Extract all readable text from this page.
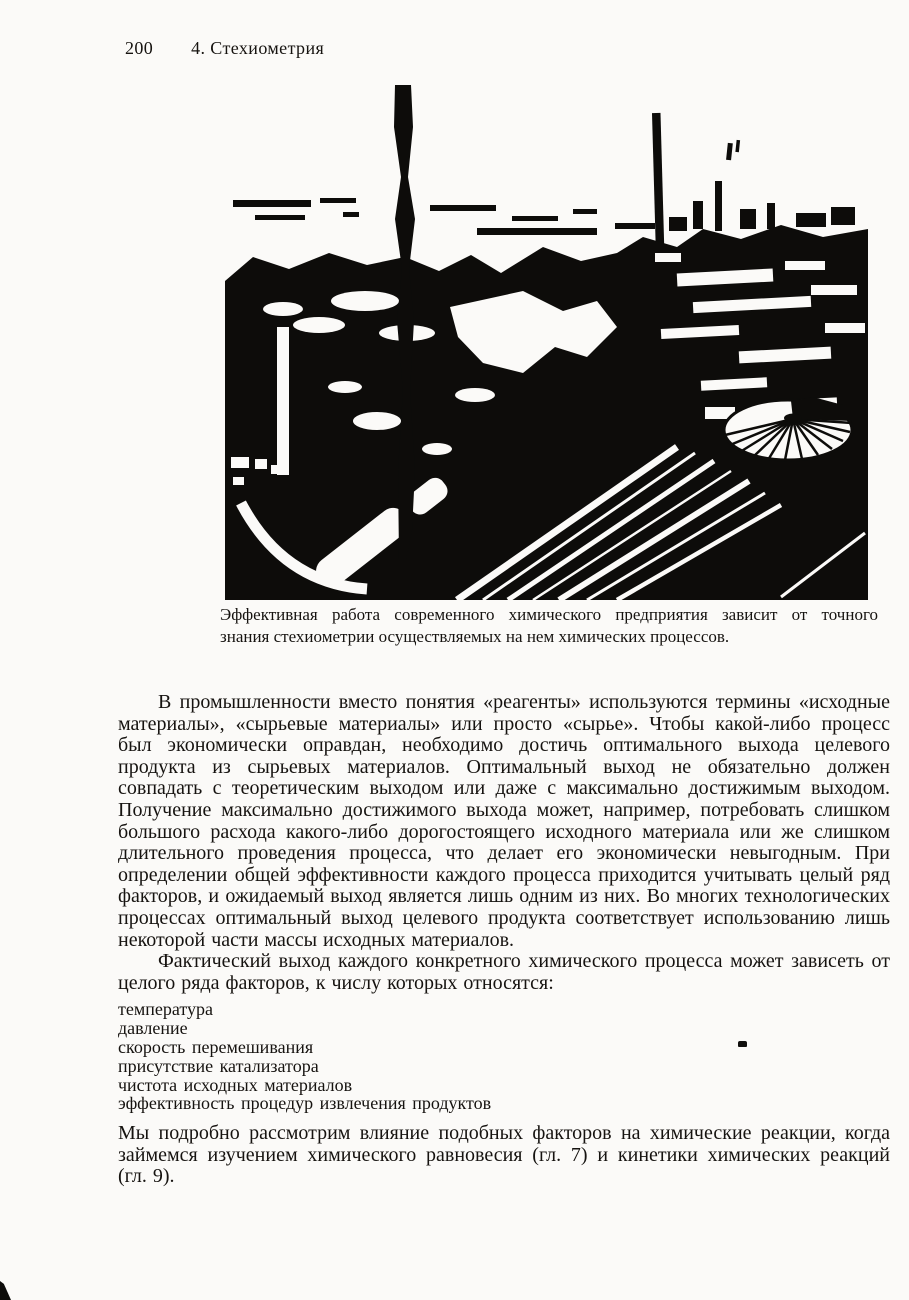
200 4. Стехиометрия
Эффективная работа современного химического предприятия зависит от точного
знания стехиометрии осуществляемых на нем химических процессов.

В промышленности вместо понятия «реагенты» используются термины «исходные материалы», «сырьевые материалы» или просто «сырье». Чтобы какой-либо процесс был экономически оправдан, необходимо достичь оптимального выхода целевого продукта из сырьевых материалов. Оптимальный выход не обязательно должен совпадать с теоретическим выходом или даже с максимально достижимым выходом. Получение максимально достижимого выхода может, например, потребовать слишком большого расхода какого-либо дорогостоящего исходного материала или же слишком длительного проведения процесса, что делает его экономически невыгодным. При определении общей эффективности каждого процесса приходится учитывать целый ряд факторов, и ожидаемый выход является лишь одним из них. Во многих технологических процессах оптимальный выход целевого продукта соответствует использованию лишь некоторой части массы исходных материалов.

Фактический выход каждого конкретного химического процесса может зависеть от целого ряда факторов, к числу которых относятся:

температура
давление
скорость перемешивания
присутствие катализатора
чистота исходных материалов
эффективность процедур извлечения продуктов

Мы подробно рассмотрим влияние подобных факторов на химические реакции, когда займемся изучением химического равновесия (гл. 7) и кинетики химических реакций (гл. 9).
